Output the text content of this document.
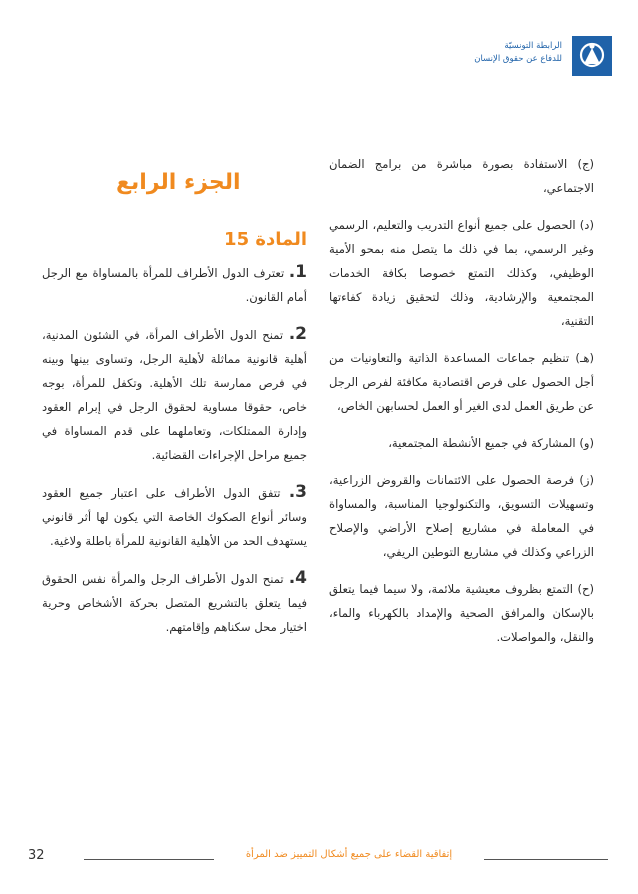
الرابطة التونسيّة
للدفاع عن حقوق الإنسان

(ج) الاستفادة بصورة مباشرة من برامج الضمان الاجتماعي،

(د) الحصول على جميع أنواع التدريب والتعليم، الرسمي وغير الرسمي، بما في ذلك ما يتصل منه بمحو الأمية الوظيفي، وكذلك التمتع خصوصا بكافة الخدمات المجتمعية والإرشادية، وذلك لتحقيق زيادة كفاءتها التقنية،

(هـ) تنظيم جماعات المساعدة الذاتية والتعاونيات من أجل الحصول على فرص اقتصادية مكافئة لفرص الرجل عن طريق العمل لدى الغير أو العمل لحسابهن الخاص،

(و) المشاركة في جميع الأنشطة المجتمعية،

(ز) فرصة الحصول على الائتمانات والقروض الزراعية، وتسهيلات التسويق، والتكنولوجيا المناسبة، والمساواة في المعاملة في مشاريع إصلاح الأراضي والإصلاح الزراعي وكذلك في مشاريع التوطين الريفي،

(ح) التمتع بظروف معيشية ملائمة، ولا سيما فيما يتعلق بالإسكان والمرافق الصحية والإمداد بالكهرباء والماء، والنقل، والمواصلات.

الجزء الرابع
المادة 15

1. تعترف الدول الأطراف للمرأة بالمساواة مع الرجل أمام القانون.

2. تمنح الدول الأطراف المرأة، في الشئون المدنية، أهلية قانونية مماثلة لأهلية الرجل، وتساوى بينها وبينه في فرص ممارسة تلك الأهلية. وتكفل للمرأة، بوجه خاص، حقوقا مساوية لحقوق الرجل في إبرام العقود وإدارة الممتلكات، وتعاملهما على قدم المساواة في جميع مراحل الإجراءات القضائية.

3. تتفق الدول الأطراف على اعتبار جميع العقود وسائر أنواع الصكوك الخاصة التي يكون لها أثر قانوني يستهدف الحد من الأهلية القانونية للمرأة باطلة ولاغية.

4. تمنح الدول الأطراف الرجل والمرأة نفس الحقوق فيما يتعلق بالتشريع المتصل بحركة الأشخاص وحرية اختيار محل سكناهم وإقامتهم.

32	إتفاقية القضاء على جميع أشكال التمييز ضد المرأة
